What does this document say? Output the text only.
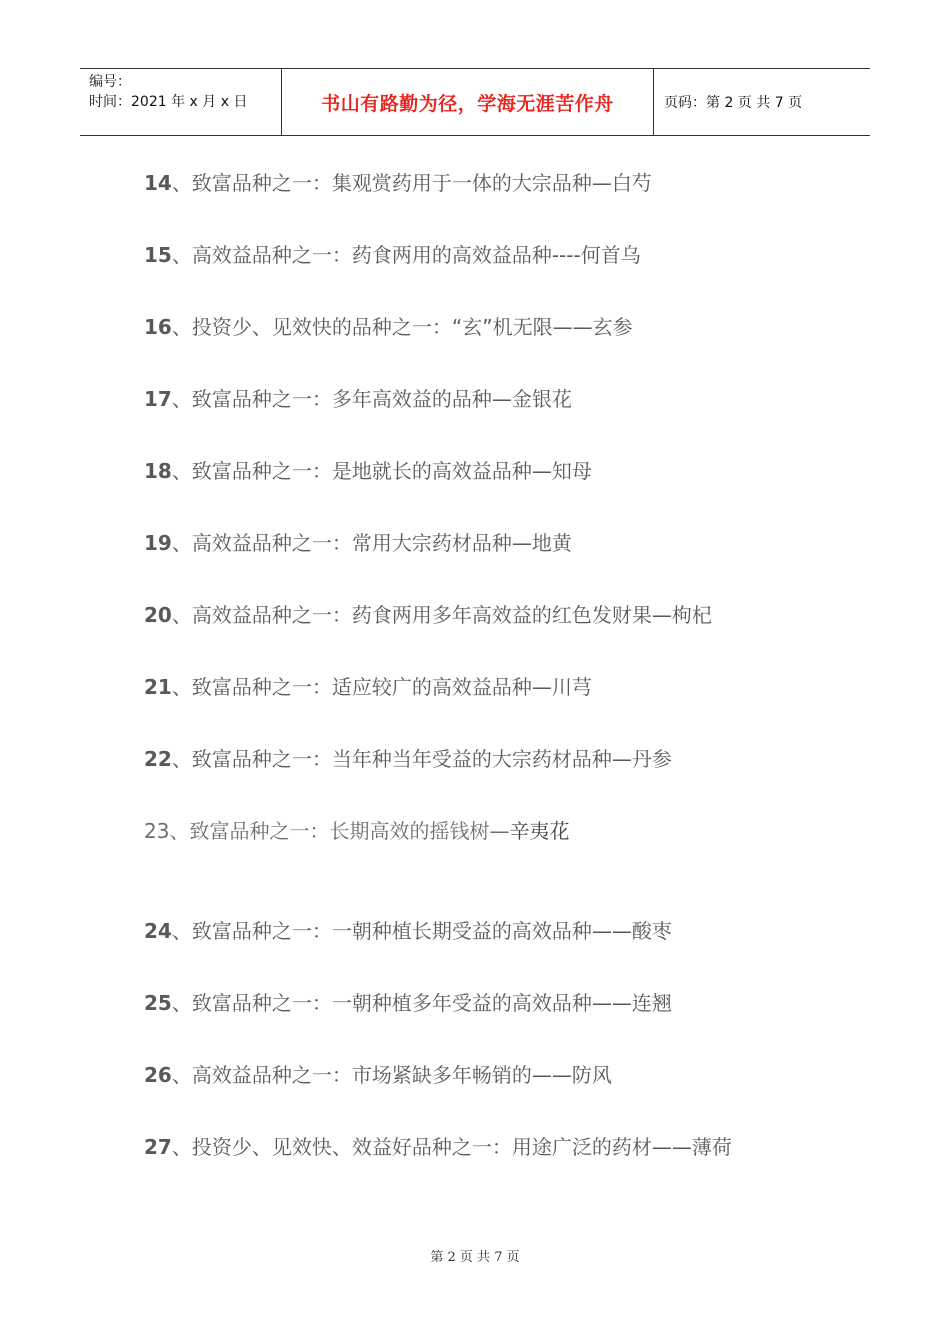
编号：
时间：2021 年 x 月 x 日	书山有路勤为径，学海无涯苦作舟	页码：第 2 页 共 7 页
14、致富品种之一：集观赏药用于一体的大宗品种—白芍
15、高效益品种之一：药食两用的高效益品种----何首乌
16、投资少、见效快的品种之一：“玄”机无限——玄参
17、致富品种之一：多年高效益的品种—金银花
18、致富品种之一：是地就长的高效益品种—知母
19、高效益品种之一：常用大宗药材品种—地黄
20、高效益品种之一：药食两用多年高效益的红色发财果—枸杞
21、致富品种之一：适应较广的高效益品种—川芎
22、致富品种之一：当年种当年受益的大宗药材品种—丹参
23、致富品种之一：长期高效的摇钱树—辛夷花
24、致富品种之一：一朝种植长期受益的高效品种——酸枣
25、致富品种之一：一朝种植多年受益的高效品种——连翘
26、高效益品种之一：市场紧缺多年畅销的——防风
27、投资少、见效快、效益好品种之一：用途广泛的药材——薄荷
第 2 页 共 7 页
